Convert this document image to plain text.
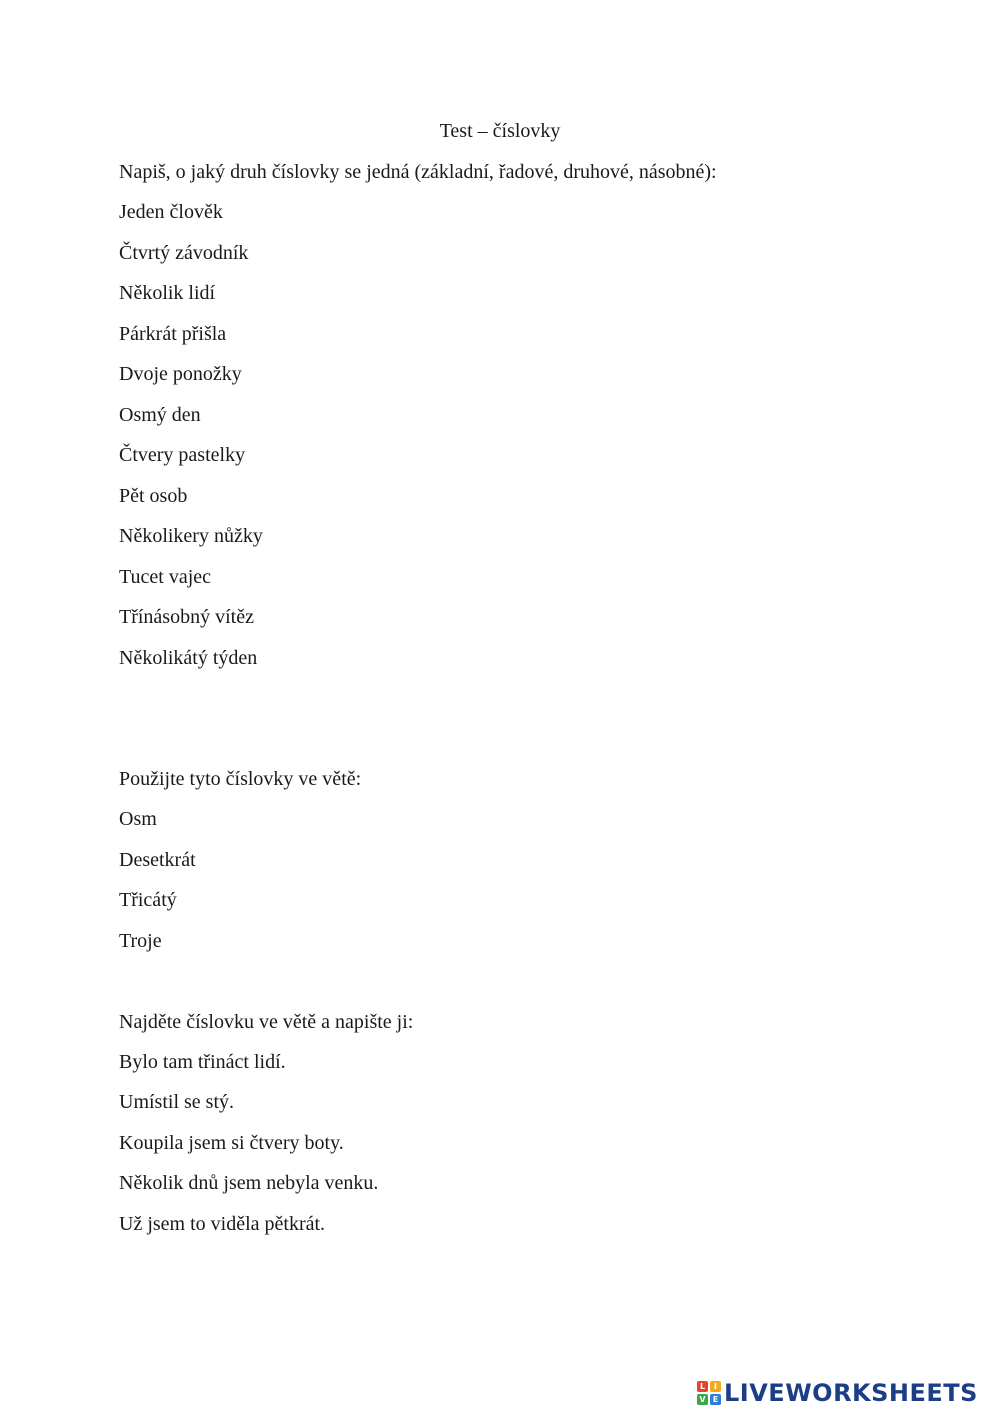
Test – číslovky
Napiš, o jaký druh číslovky se jedná (základní, řadové, druhové, násobné):
Jeden člověk
Čtvrtý závodník
Několik lidí
Párkrát přišla
Dvoje ponožky
Osmý den
Čtvery pastelky
Pět osob
Několikery nůžky
Tucet vajec
Třínásobný vítěz
Několikátý týden
Použijte tyto číslovky ve větě:
Osm
Desetkrát
Třicátý
Troje
Najděte číslovku ve větě a napište ji:
Bylo tam třináct lidí.
Umístil se stý.
Koupila jsem si čtvery boty.
Několik dnů jsem nebyla venku.
Už jsem to viděla pětkrát.
L	I
V E LIVEWORKSHEETS
